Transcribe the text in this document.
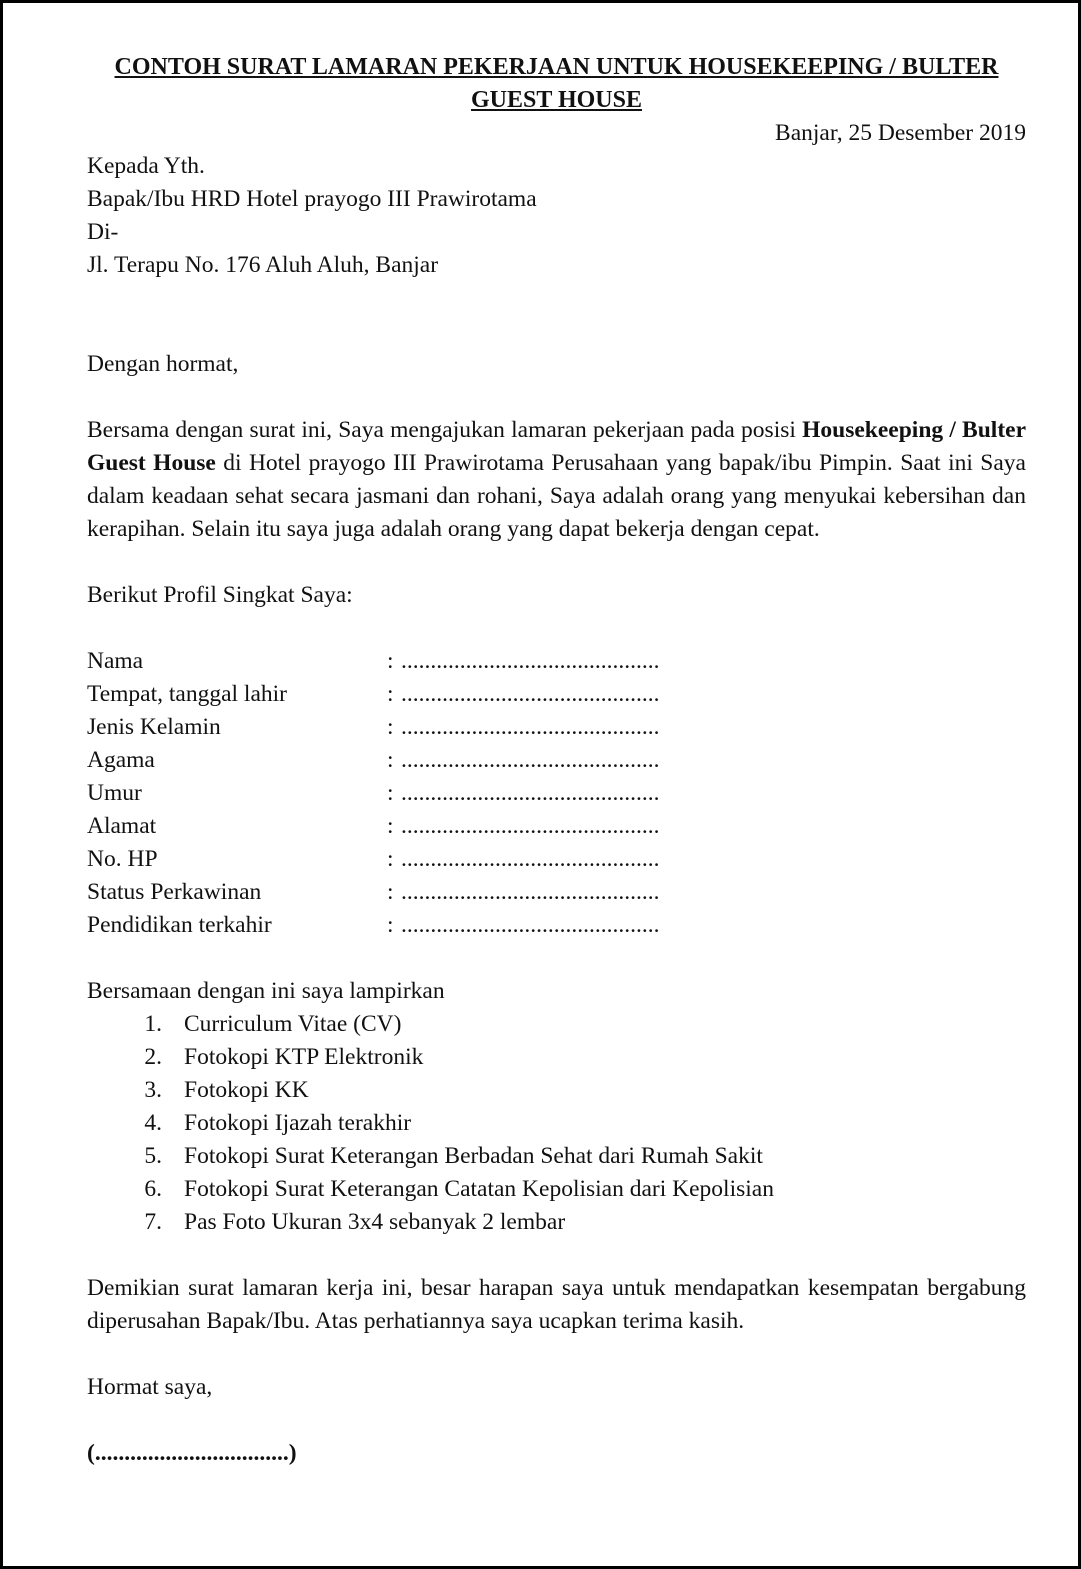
CONTOH SURAT LAMARAN PEKERJAAN UNTUK HOUSEKEEPING / BULTER
GUEST HOUSE

Banjar, 25 Desember 2019

Kepada Yth.

Bapak/Ibu HRD Hotel prayogo III Prawirotama

Di-

Jl. Terapu No. 176 Aluh Aluh, Banjar

Dengan hormat,

Bersama dengan surat ini, Saya mengajukan lamaran pekerjaan pada posisi Housekeeping / Bulter Guest House di Hotel prayogo III Prawirotama Perusahaan yang bapak/ibu Pimpin. Saat ini Saya dalam keadaan sehat secara jasmani dan rohani, Saya adalah orang yang menyukai kebersihan dan kerapihan. Selain itu saya juga adalah orang yang dapat bekerja dengan cepat.

Berikut Profil Singkat Saya:

Nama	: ............................................
Tempat, tanggal lahir	: ............................................
Jenis Kelamin	: ............................................
Agama	: ............................................
Umur	: ............................................
Alamat	: ............................................
No. HP	: ............................................
Status Perkawinan	: ............................................
Pendidikan terkahir	: ............................................

Bersamaan dengan ini saya lampirkan

1. Curriculum Vitae (CV)
2. Fotokopi KTP Elektronik
3. Fotokopi KK
4. Fotokopi Ijazah terakhir
5. Fotokopi Surat Keterangan Berbadan Sehat dari Rumah Sakit
6. Fotokopi Surat Keterangan Catatan Kepolisian dari Kepolisian
7. Pas Foto Ukuran 3x4 sebanyak 2 lembar

Demikian surat lamaran kerja ini, besar harapan saya untuk mendapatkan kesempatan bergabung diperusahan Bapak/Ibu. Atas perhatiannya saya ucapkan terima kasih.

Hormat saya,

(.................................)
